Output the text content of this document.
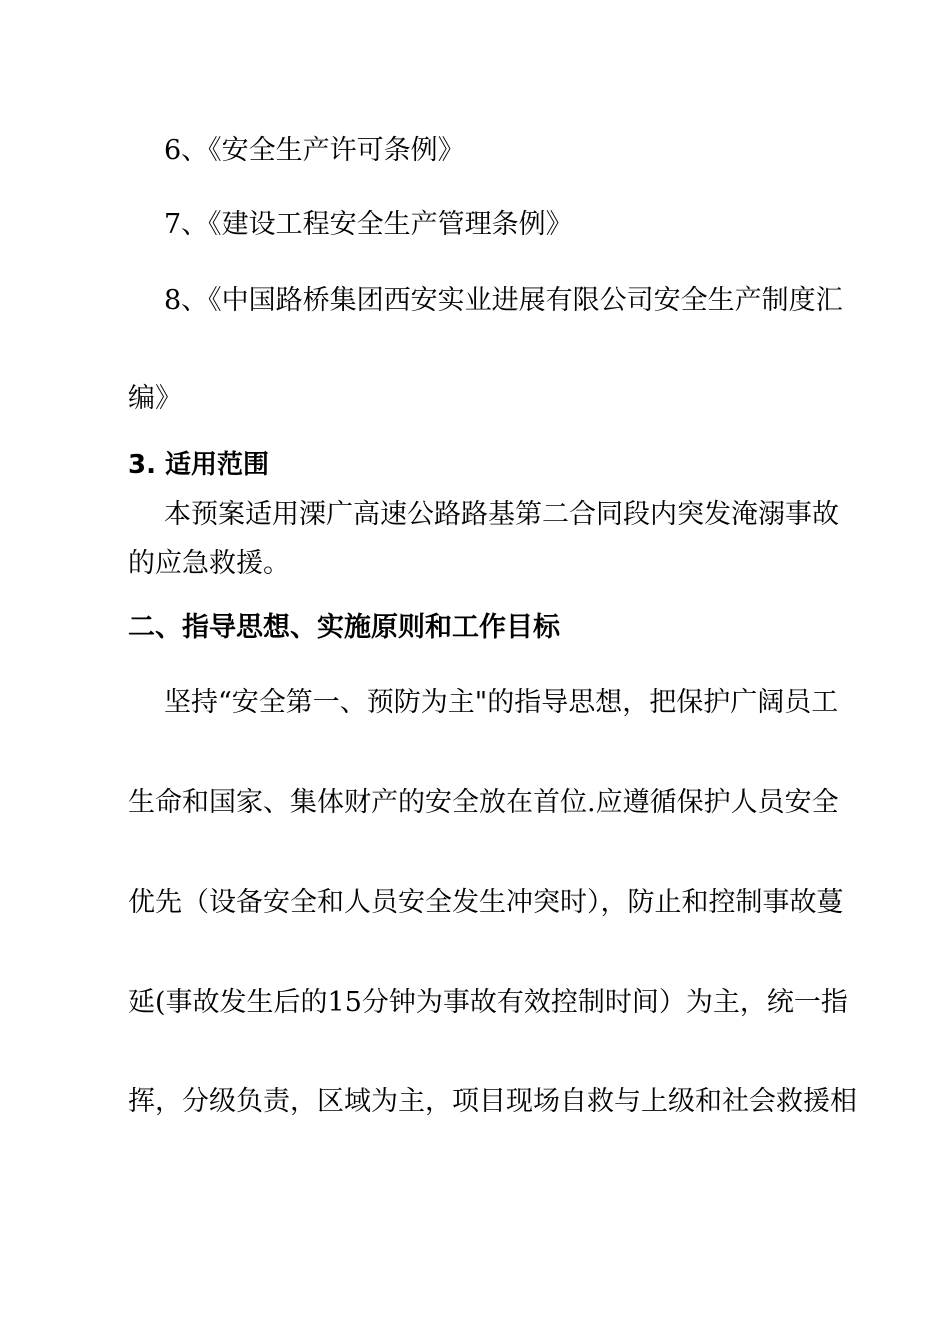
6、《安全生产许可条例》
7、《建设工程安全生产管理条例》
8、《中国路桥集团西安实业进展有限公司安全生产制度汇
编》
3. 适用范围
本预案适用溧广高速公路路基第二合同段内突发淹溺事故
的应急救援。
二、指导思想、实施原则和工作目标
坚持“安全第一、预防为主"的指导思想，把保护广阔员工
生命和国家、集体财产的安全放在首位.应遵循保护人员安全
优先（设备安全和人员安全发生冲突时），防止和控制事故蔓
延(事故发生后的15分钟为事故有效控制时间）为主，统一指
挥，分级负责，区域为主，项目现场自救与上级和社会救援相
